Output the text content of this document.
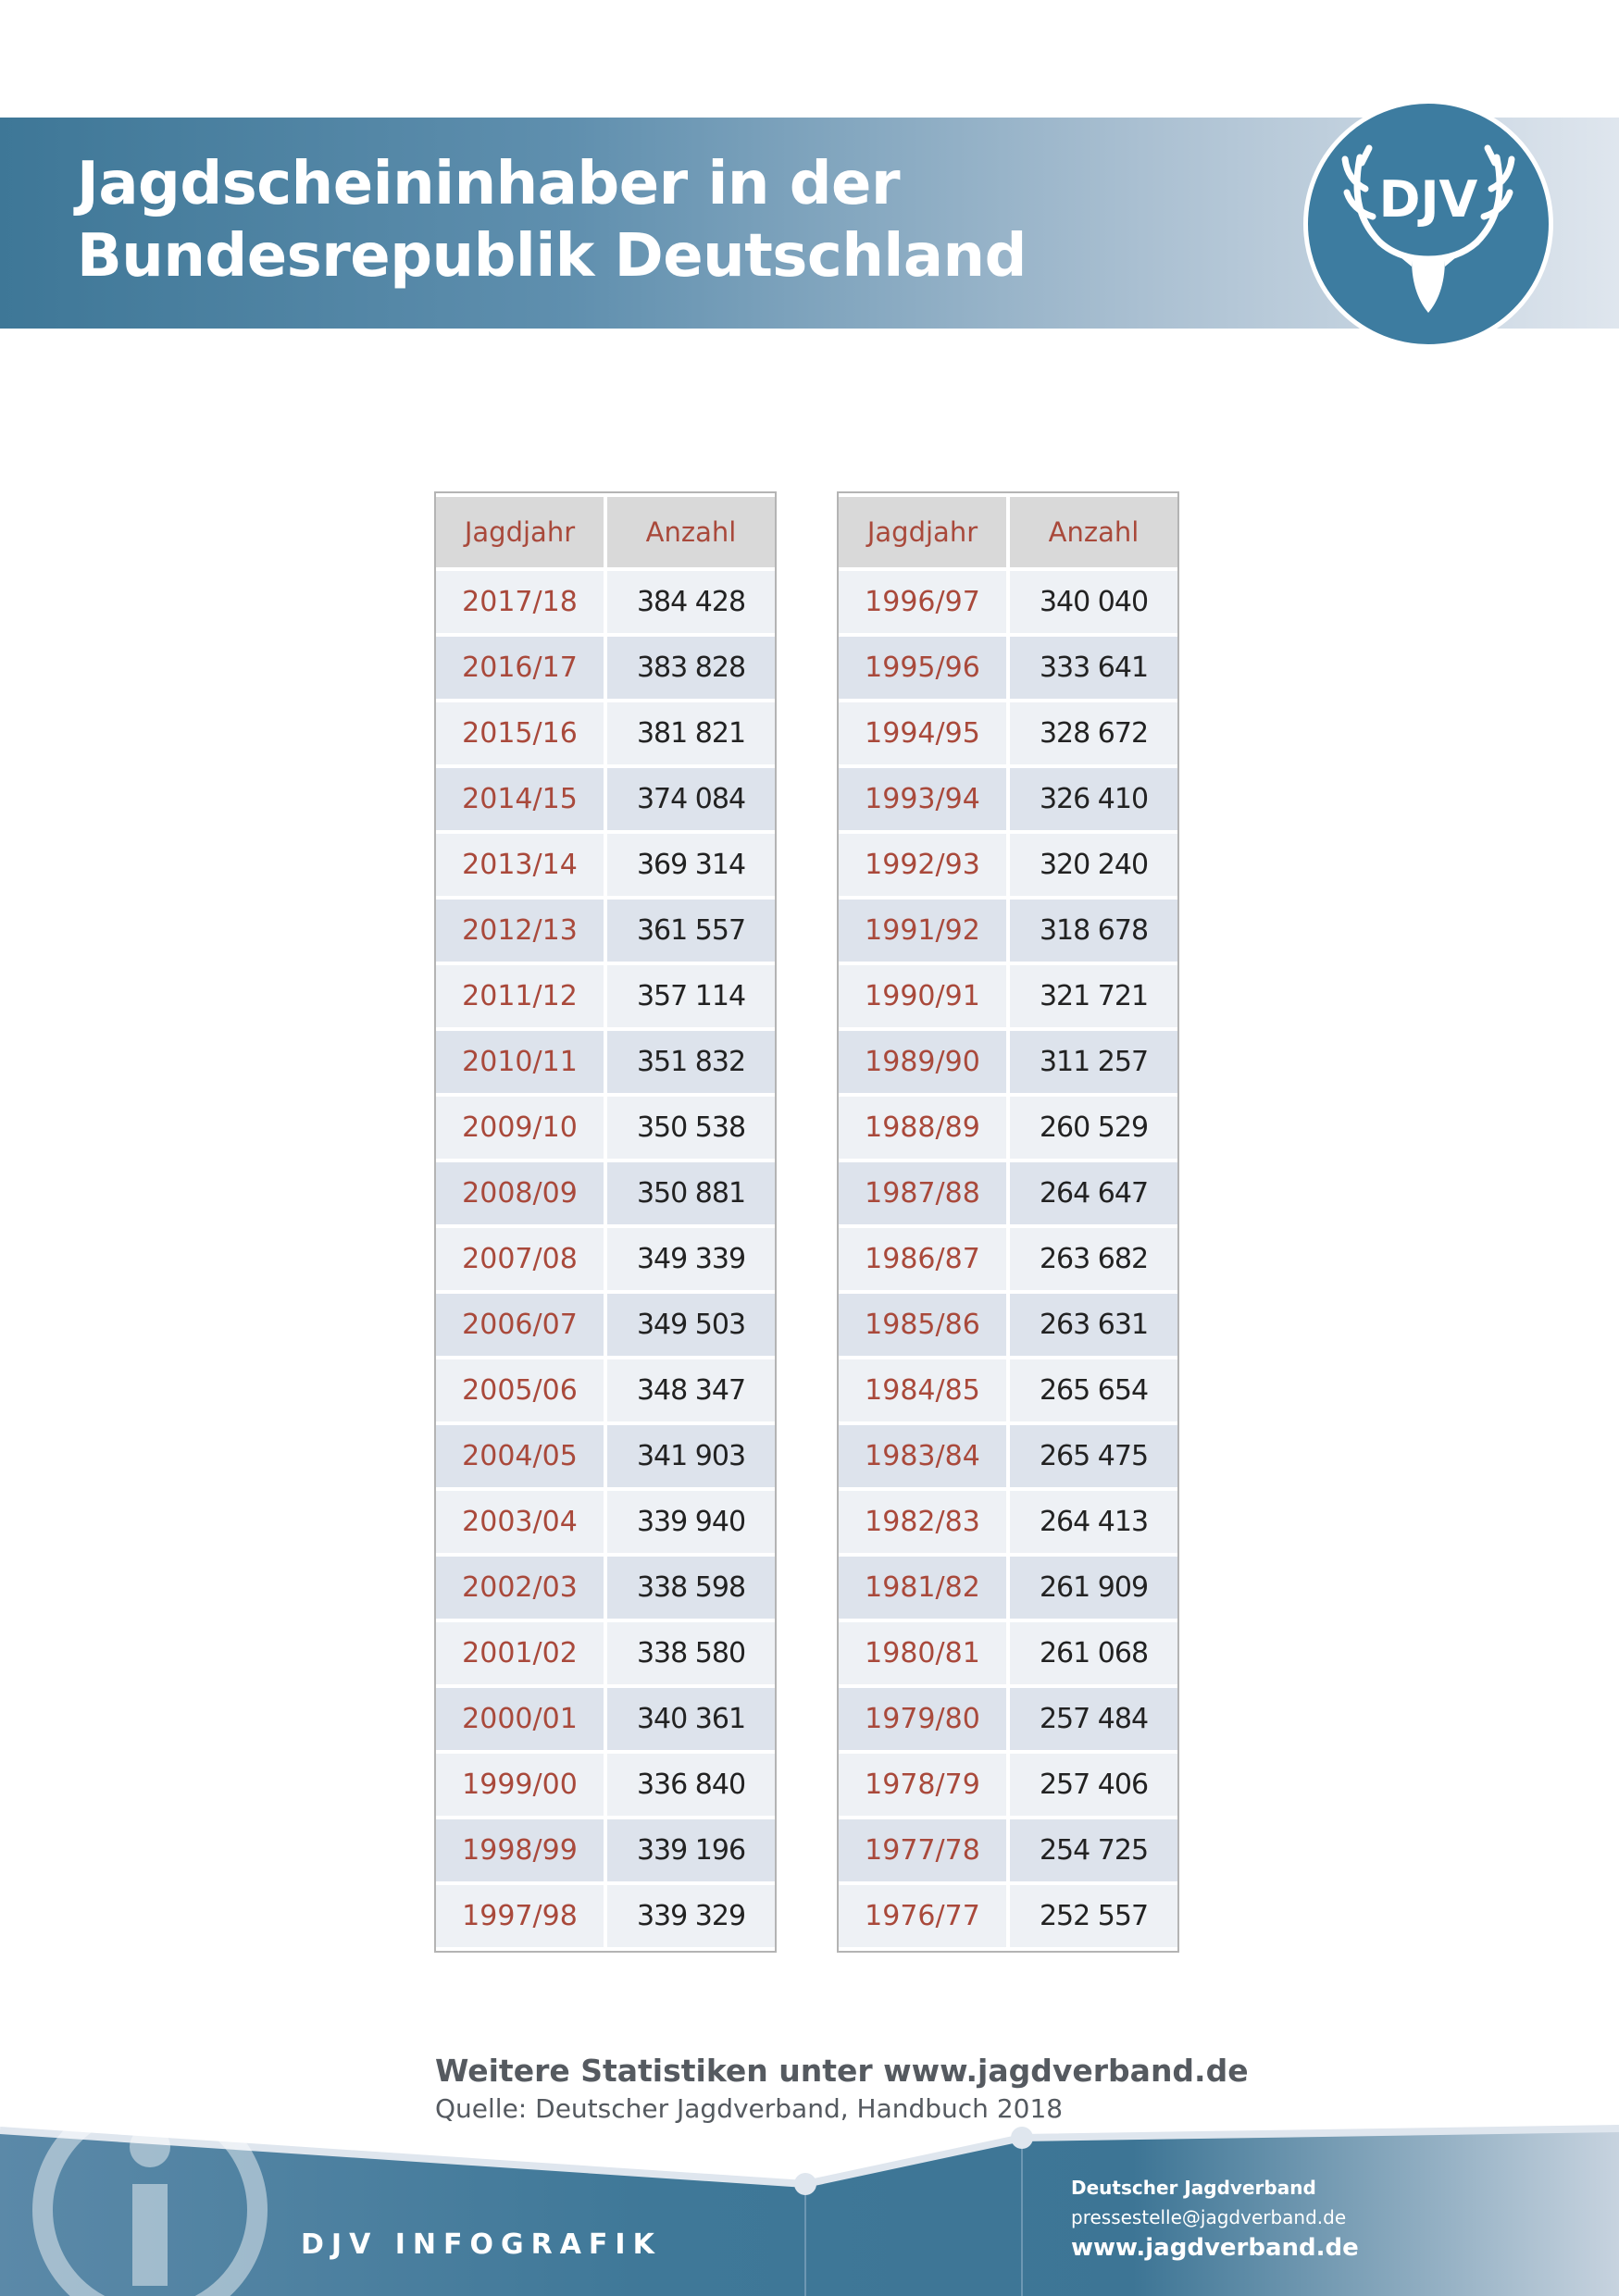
Jagdscheininhaber in der
Bundesrepublik Deutschland
DJV
Jagdjahr	Anzahl
2017/18	384 428
2016/17	383 828
2015/16	381 821
2014/15	374 084
2013/14	369 314
2012/13	361 557
2011/12	357 114
2010/11	351 832
2009/10	350 538
2008/09	350 881
2007/08	349 339
2006/07	349 503
2005/06	348 347
2004/05	341 903
2003/04	339 940
2002/03	338 598
2001/02	338 580
2000/01	340 361
1999/00	336 840
1998/99	339 196
1997/98	339 329
Jagdjahr	Anzahl
1996/97	340 040
1995/96	333 641
1994/95	328 672
1993/94	326 410
1992/93	320 240
1991/92	318 678
1990/91	321 721
1989/90	311 257
1988/89	260 529
1987/88	264 647
1986/87	263 682
1985/86	263 631
1984/85	265 654
1983/84	265 475
1982/83	264 413
1981/82	261 909
1980/81	261 068
1979/80	257 484
1978/79	257 406
1977/78	254 725
1976/77	252 557
Weitere Statistiken unter www.jagdverband.de
Quelle: Deutscher Jagdverband, Handbuch 2018
DJV INFOGRAFIK
Deutscher Jagdverband
pressestelle@jagdverband.de
www.jagdverband.de
